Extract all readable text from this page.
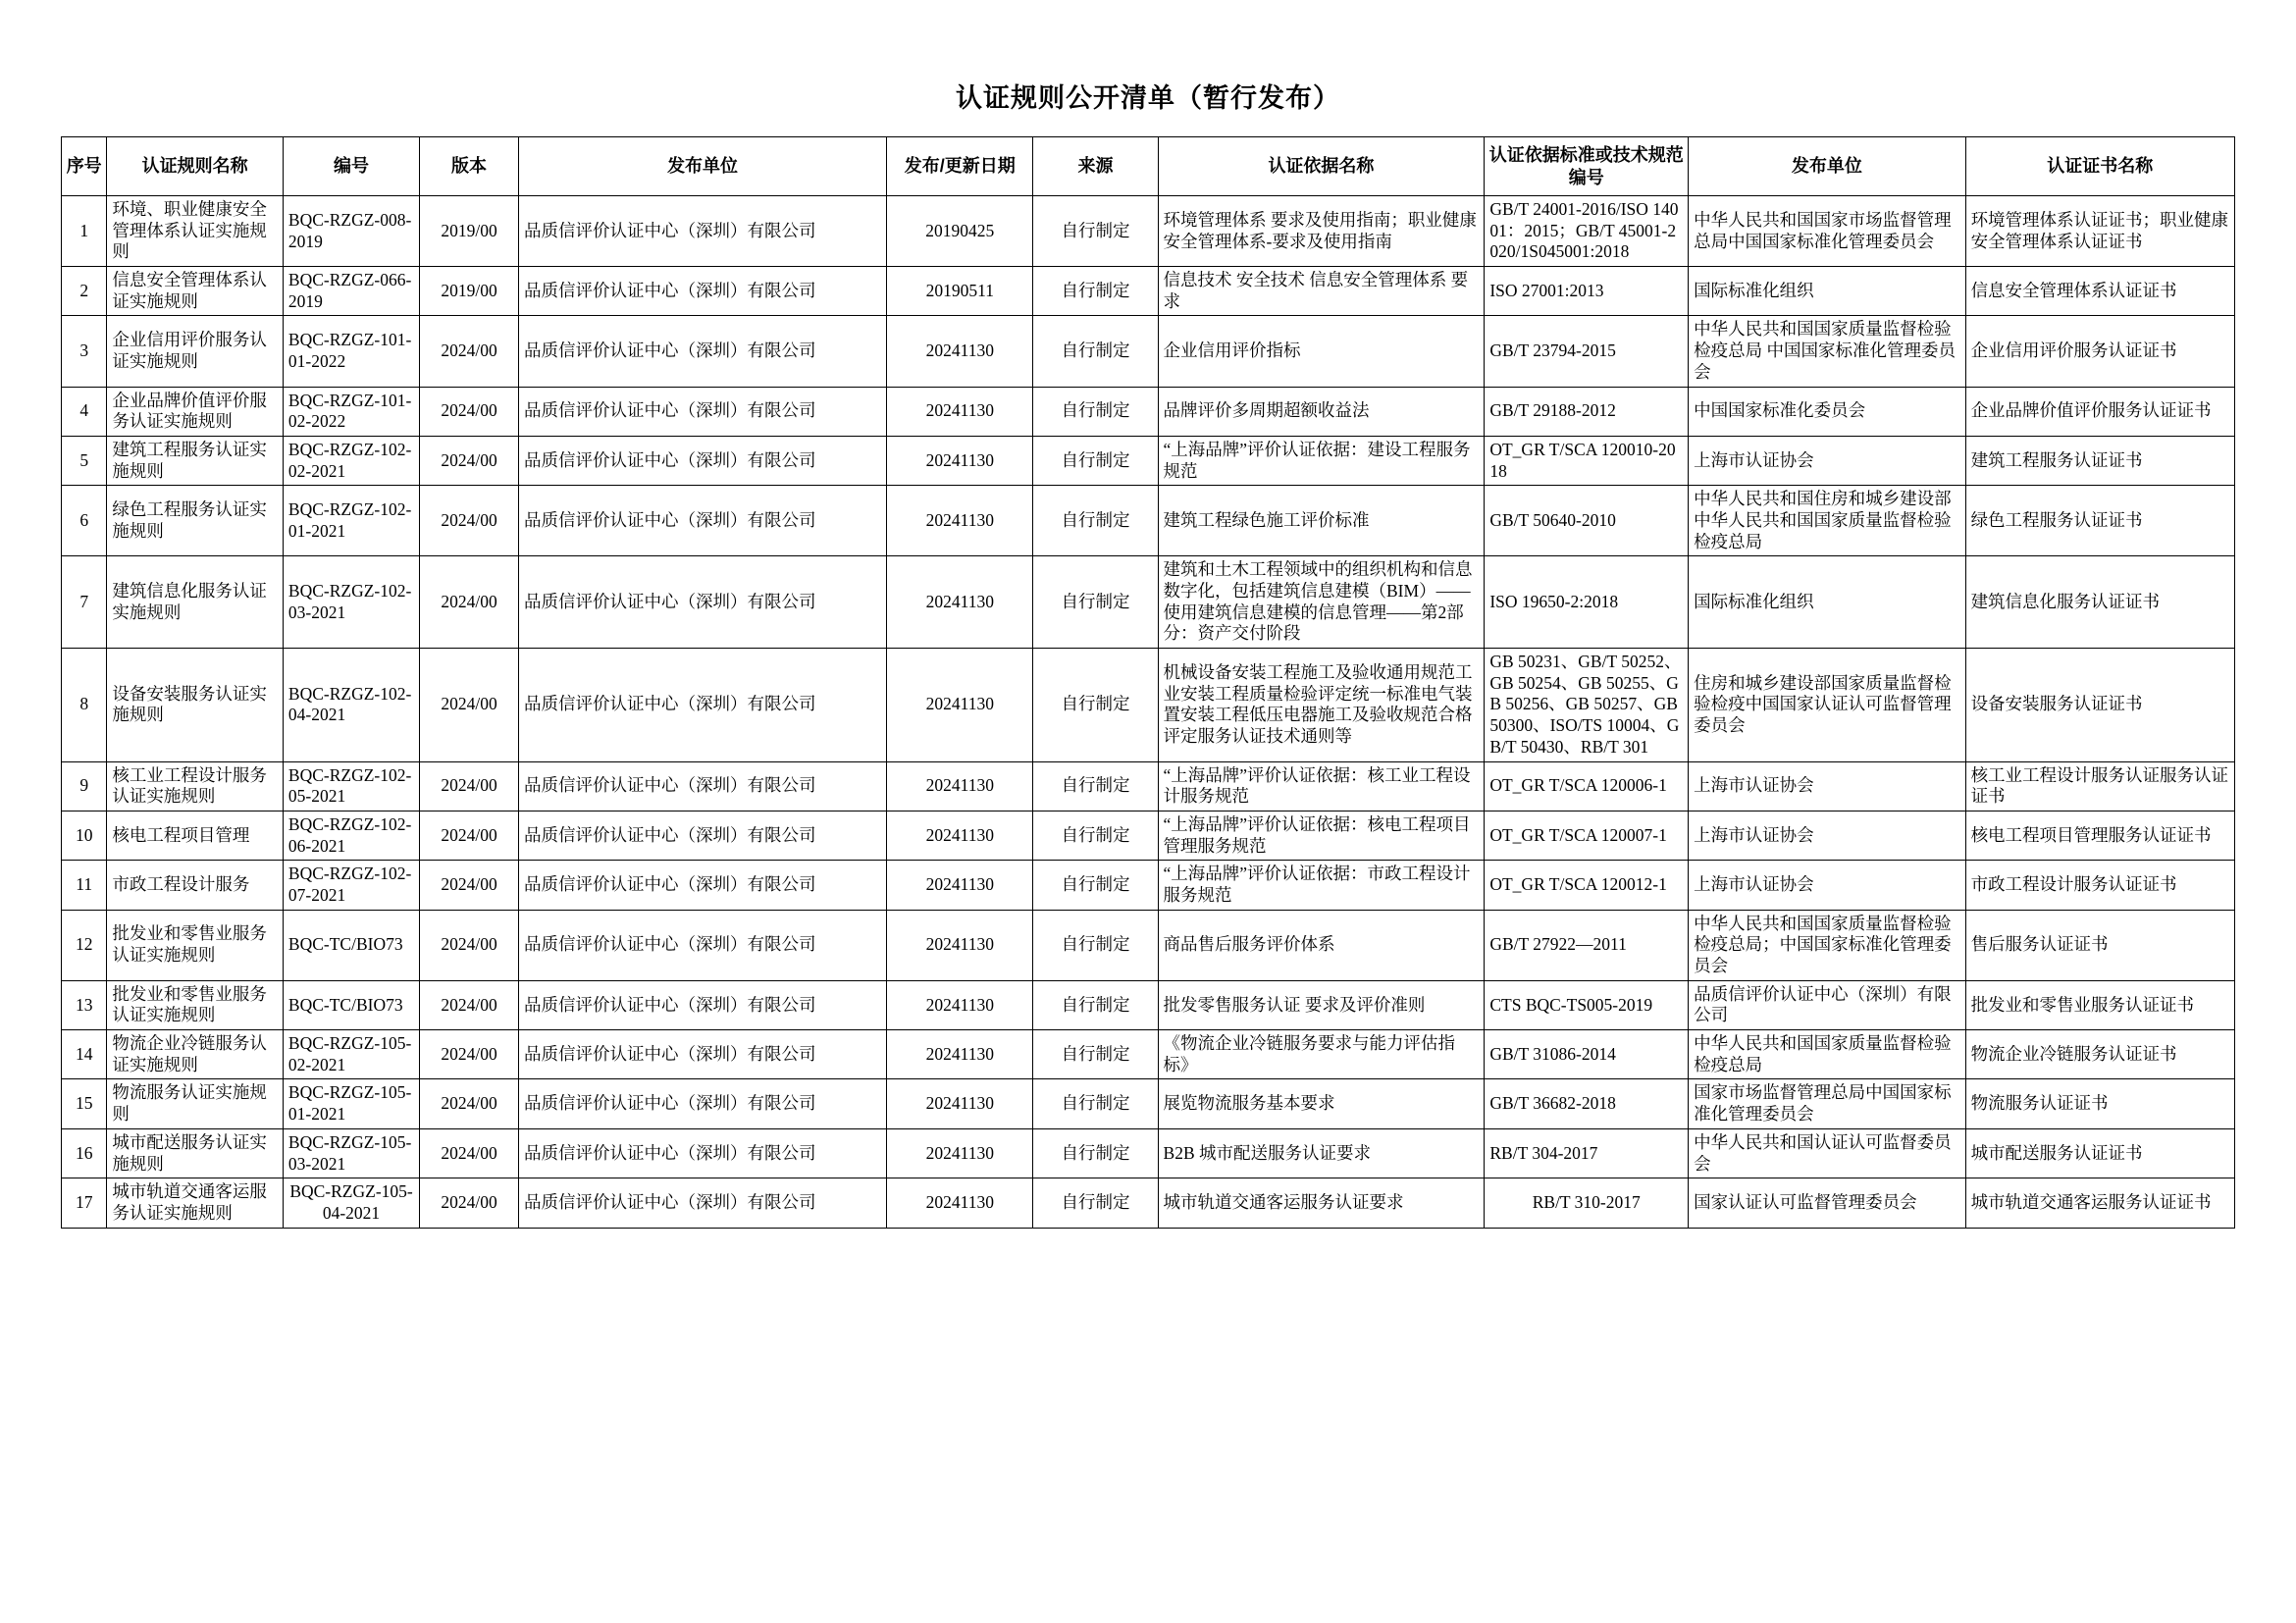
认证规则公开清单（暂行发布）
序号	认证规则名称	编号	版本	发布单位	发布/更新日期	来源	认证依据名称	认证依据标准或技术规范编号	发布单位	认证证书名称
1	环境、职业健康安全管理体系认证实施规则	BQC-RZGZ-008-2019	2019/00	品质信评价认证中心（深圳）有限公司	20190425	自行制定	环境管理体系 要求及使用指南；职业健康安全管理体系-要求及使用指南	GB/T 24001-2016/ISO 14001：2015；GB/T 45001-2020/1S045001:2018	中华人民共和国国家市场监督管理总局中国国家标准化管理委员会	环境管理体系认证证书；职业健康安全管理体系认证证书
2	信息安全管理体系认证实施规则	BQC-RZGZ-066-2019	2019/00	品质信评价认证中心（深圳）有限公司	20190511	自行制定	信息技术 安全技术 信息安全管理体系 要求	ISO 27001:2013	国际标准化组织	信息安全管理体系认证证书
3	企业信用评价服务认证实施规则	BQC-RZGZ-101-01-2022	2024/00	品质信评价认证中心（深圳）有限公司	20241130	自行制定	企业信用评价指标	GB/T 23794-2015	中华人民共和国国家质量监督检验检疫总局 中国国家标准化管理委员会	企业信用评价服务认证证书
4	企业品牌价值评价服务认证实施规则	BQC-RZGZ-101-02-2022	2024/00	品质信评价认证中心（深圳）有限公司	20241130	自行制定	品牌评价多周期超额收益法	GB/T 29188-2012	中国国家标准化委员会	企业品牌价值评价服务认证证书
5	建筑工程服务认证实施规则	BQC-RZGZ-102-02-2021	2024/00	品质信评价认证中心（深圳）有限公司	20241130	自行制定	“上海品牌”评价认证依据：建设工程服务规范	OT_GR T/SCA 120010-2018	上海市认证协会	建筑工程服务认证证书
6	绿色工程服务认证实施规则	BQC-RZGZ-102-01-2021	2024/00	品质信评价认证中心（深圳）有限公司	20241130	自行制定	建筑工程绿色施工评价标准	GB/T 50640-2010	中华人民共和国住房和城乡建设部中华人民共和国国家质量监督检验检疫总局	绿色工程服务认证证书
7	建筑信息化服务认证实施规则	BQC-RZGZ-102-03-2021	2024/00	品质信评价认证中心（深圳）有限公司	20241130	自行制定	建筑和土木工程领域中的组织机构和信息数字化，包括建筑信息建模（BIM）——使用建筑信息建模的信息管理——第2部分：资产交付阶段	ISO 19650-2:2018	国际标准化组织	建筑信息化服务认证证书
8	设备安装服务认证实施规则	BQC-RZGZ-102-04-2021	2024/00	品质信评价认证中心（深圳）有限公司	20241130	自行制定	机械设备安装工程施工及验收通用规范工业安装工程质量检验评定统一标准电气装置安装工程低压电器施工及验收规范合格评定服务认证技术通则等	GB 50231、GB/T 50252、GB 50254、GB 50255、GB 50256、GB 50257、GB 50300、ISO/TS 10004、GB/T 50430、RB/T 301	住房和城乡建设部国家质量监督检验检疫中国国家认证认可监督管理委员会	设备安装服务认证证书
9	核工业工程设计服务认证实施规则	BQC-RZGZ-102-05-2021	2024/00	品质信评价认证中心（深圳）有限公司	20241130	自行制定	“上海品牌”评价认证依据：核工业工程设计服务规范	OT_GR T/SCA 120006-1	上海市认证协会	核工业工程设计服务认证服务认证证书
10	核电工程项目管理	BQC-RZGZ-102-06-2021	2024/00	品质信评价认证中心（深圳）有限公司	20241130	自行制定	“上海品牌”评价认证依据：核电工程项目管理服务规范	OT_GR T/SCA 120007-1	上海市认证协会	核电工程项目管理服务认证证书
11	市政工程设计服务	BQC-RZGZ-102-07-2021	2024/00	品质信评价认证中心（深圳）有限公司	20241130	自行制定	“上海品牌”评价认证依据：市政工程设计服务规范	OT_GR T/SCA 120012-1	上海市认证协会	市政工程设计服务认证证书
12	批发业和零售业服务认证实施规则	BQC-TC/BIO73	2024/00	品质信评价认证中心（深圳）有限公司	20241130	自行制定	商品售后服务评价体系	GB/T 27922—2011	中华人民共和国国家质量监督检验检疫总局；中国国家标准化管理委员会	售后服务认证证书
13	批发业和零售业服务认证实施规则	BQC-TC/BIO73	2024/00	品质信评价认证中心（深圳）有限公司	20241130	自行制定	批发零售服务认证 要求及评价准则	CTS BQC-TS005-2019	品质信评价认证中心（深圳）有限公司	批发业和零售业服务认证证书
14	物流企业冷链服务认证实施规则	BQC-RZGZ-105-02-2021	2024/00	品质信评价认证中心（深圳）有限公司	20241130	自行制定	《物流企业冷链服务要求与能力评估指标》	GB/T 31086-2014	中华人民共和国国家质量监督检验检疫总局	物流企业冷链服务认证证书
15	物流服务认证实施规则	BQC-RZGZ-105-01-2021	2024/00	品质信评价认证中心（深圳）有限公司	20241130	自行制定	展览物流服务基本要求	GB/T 36682-2018	国家市场监督管理总局中国国家标准化管理委员会	物流服务认证证书
16	城市配送服务认证实施规则	BQC-RZGZ-105-03-2021	2024/00	品质信评价认证中心（深圳）有限公司	20241130	自行制定	B2B 城市配送服务认证要求	RB/T 304-2017	中华人民共和国认证认可监督委员会	城市配送服务认证证书
17	城市轨道交通客运服务认证实施规则	BQC-RZGZ-105-04-2021	2024/00	品质信评价认证中心（深圳）有限公司	20241130	自行制定	城市轨道交通客运服务认证要求	RB/T 310-2017	国家认证认可监督管理委员会	城市轨道交通客运服务认证证书
